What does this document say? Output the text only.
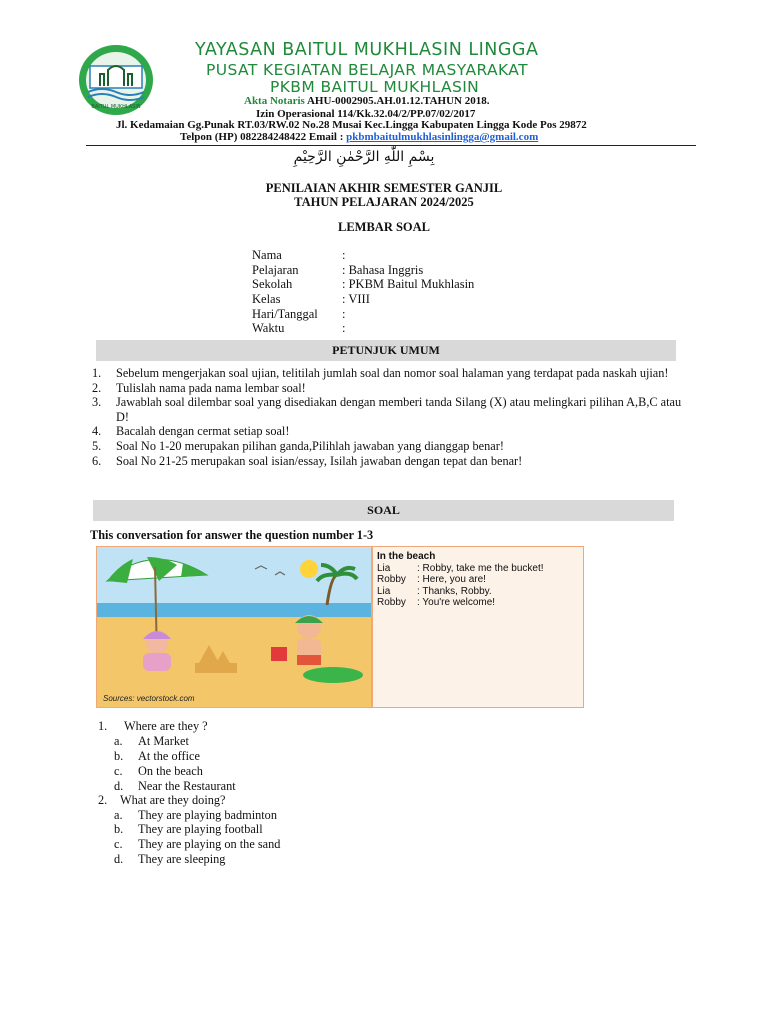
BAITUL MUKHLASIN
YAYASAN BAITUL MUKHLASIN LINGGA
PUSAT KEGIATAN BELAJAR MASYARAKAT
PKBM BAITUL MUKHLASIN
Akta Notaris AHU-0002905.AH.01.12.TAHUN 2018.
Izin Operasional 114/Kk.32.04/2/PP.07/02/2017
Jl. Kedamaian Gg.Punak RT.03/RW.02 No.28 Musai Kec.Lingga Kabupaten Lingga Kode Pos 29872
Telpon (HP) 082284248422 Email : pkbmbaitulmukhlasinlingga@gmail.com
بِسْمِ اللّٰهِ الرَّحْمٰنِ الرَّحِيْمِ
PENILAIAN AKHIR SEMESTER GANJIL
TAHUN PELAJARAN 2024/2025
LEMBAR SOAL
Nama	:
Pelajaran	: Bahasa Inggris
Sekolah	: PKBM Baitul Mukhlasin
Kelas	: VIII
Hari/Tanggal :
Waktu	:
PETUNJUK UMUM
1. Sebelum mengerjakan soal ujian, telitilah jumlah soal dan nomor soal halaman yang terdapat pada naskah ujian!
2. Tulislah nama pada nama lembar soal!
3. Jawablah soal dilembar soal yang disediakan dengan memberi tanda Silang (X) atau melingkari pilihan A,B,C atau D!
4. Bacalah dengan cermat setiap soal!
5. Soal No 1-20 merupakan pilihan ganda,Pilihlah jawaban yang dianggap benar!
6. Soal No 21-25 merupakan soal isian/essay, Isilah jawaban dengan tepat dan benar!
SOAL
This conversation for answer the question number 1-3
Sources: vectorstock.com
In the beach
Lia	: Robby, take me the bucket!
Robby : Here, you are!
Lia	: Thanks, Robby.
Robby : You're welcome!
1. Where are they ?
a. At Market
b. At the office
c. On the beach
d. Near the Restaurant
2. What are they doing?
a. They are playing badminton
b. They are playing football
c. They are playing on the sand
d. They are sleeping
